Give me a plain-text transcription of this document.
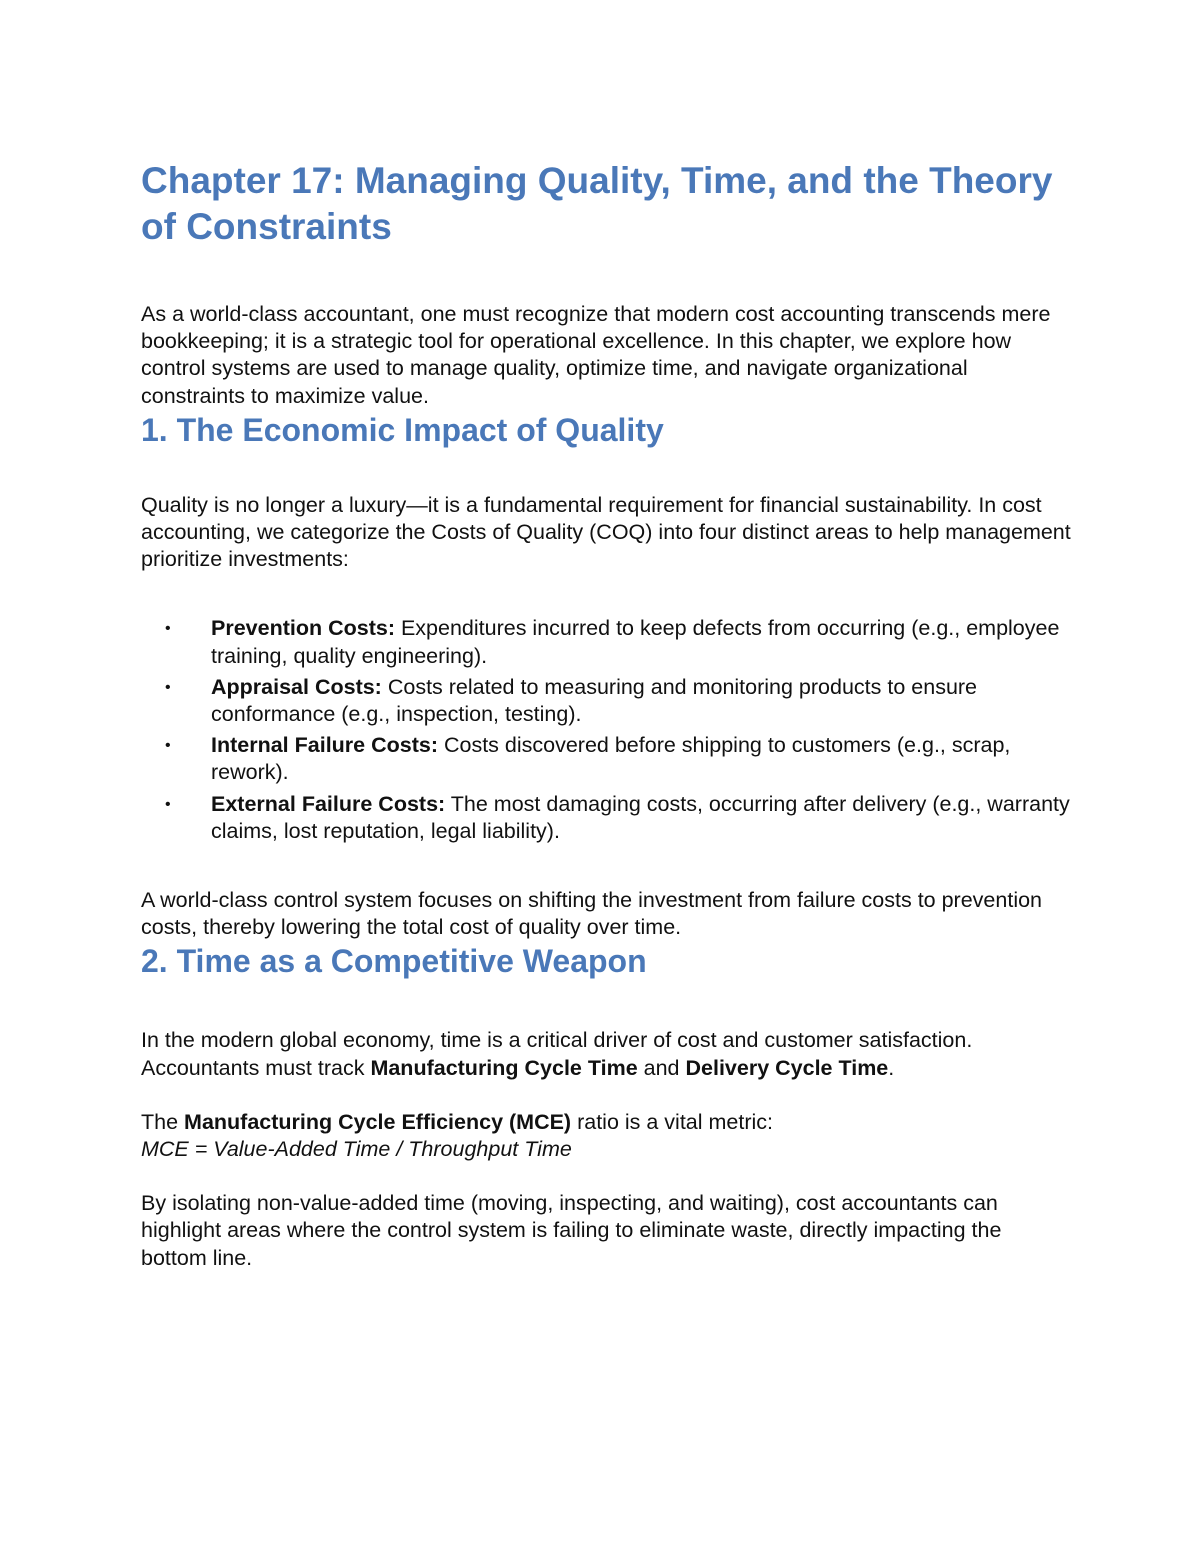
Chapter 17: Managing Quality, Time, and the Theory of Constraints

As a world-class accountant, one must recognize that modern cost accounting transcends mere bookkeeping; it is a strategic tool for operational excellence. In this chapter, we explore how control systems are used to manage quality, optimize time, and navigate organizational constraints to maximize value.

1. The Economic Impact of Quality

Quality is no longer a luxury—it is a fundamental requirement for financial sustainability. In cost accounting, we categorize the Costs of Quality (COQ) into four distinct areas to help management prioritize investments:

• Prevention Costs: Expenditures incurred to keep defects from occurring (e.g., employee training, quality engineering).
• Appraisal Costs: Costs related to measuring and monitoring products to ensure conformance (e.g., inspection, testing).
• Internal Failure Costs: Costs discovered before shipping to customers (e.g., scrap, rework).
• External Failure Costs: The most damaging costs, occurring after delivery (e.g., warranty claims, lost reputation, legal liability).

A world-class control system focuses on shifting the investment from failure costs to prevention costs, thereby lowering the total cost of quality over time.

2. Time as a Competitive Weapon

In the modern global economy, time is a critical driver of cost and customer satisfaction. Accountants must track Manufacturing Cycle Time and Delivery Cycle Time.

The Manufacturing Cycle Efficiency (MCE) ratio is a vital metric:
MCE = Value-Added Time / Throughput Time

By isolating non-value-added time (moving, inspecting, and waiting), cost accountants can highlight areas where the control system is failing to eliminate waste, directly impacting the bottom line.
